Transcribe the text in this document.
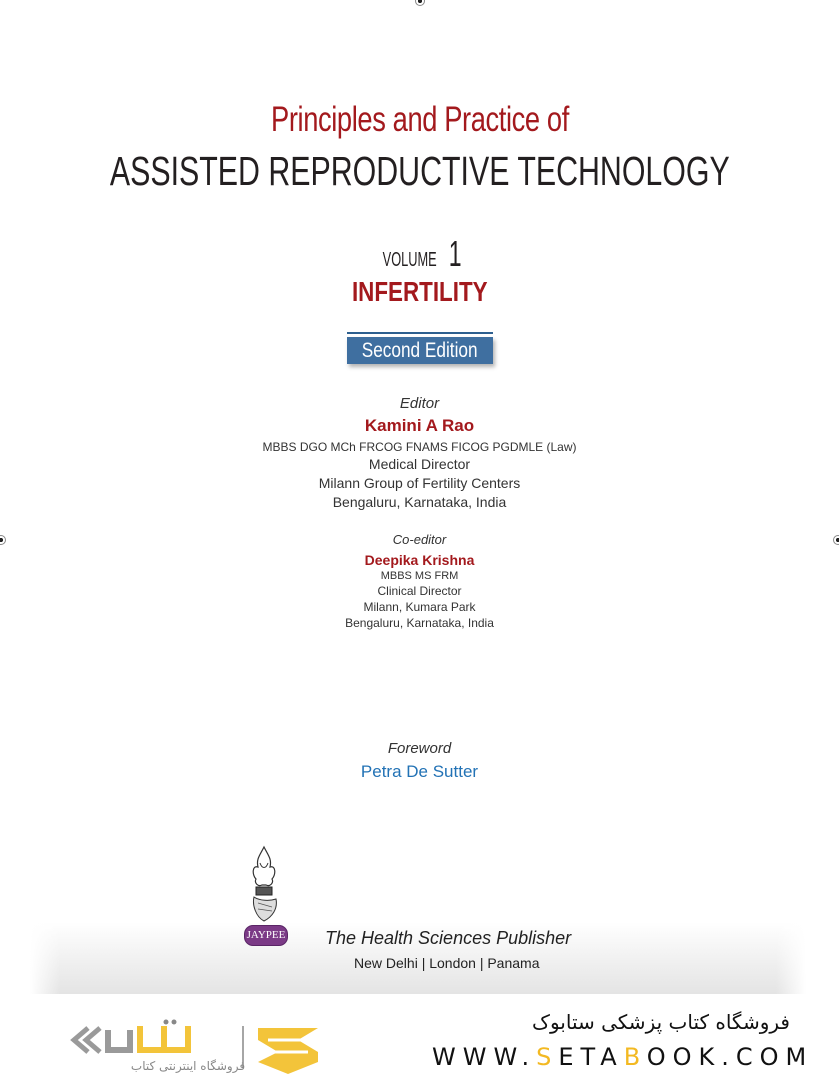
Principles and Practice of
ASSISTED REPRODUCTIVE TECHNOLOGY
VOLUME 1
INFERTILITY
Second Edition
Editor
Kamini A Rao
MBBS DGO MCh FRCOG FNAMS FICOG PGDMLE (Law)
Medical Director
Milann Group of Fertility Centers
Bengaluru, Karnataka, India
Co-editor
Deepika Krishna
MBBS MS FRM
Clinical Director
Milann, Kumara Park
Bengaluru, Karnataka, India
Foreword
Petra De Sutter
JAYPEE The Health Sciences Publisher
New Delhi | London | Panama
فروشگاه اینترنتی کتاب
فروشگاه کتاب پزشکی ستابوک
WWW.SETABOOK.COM
